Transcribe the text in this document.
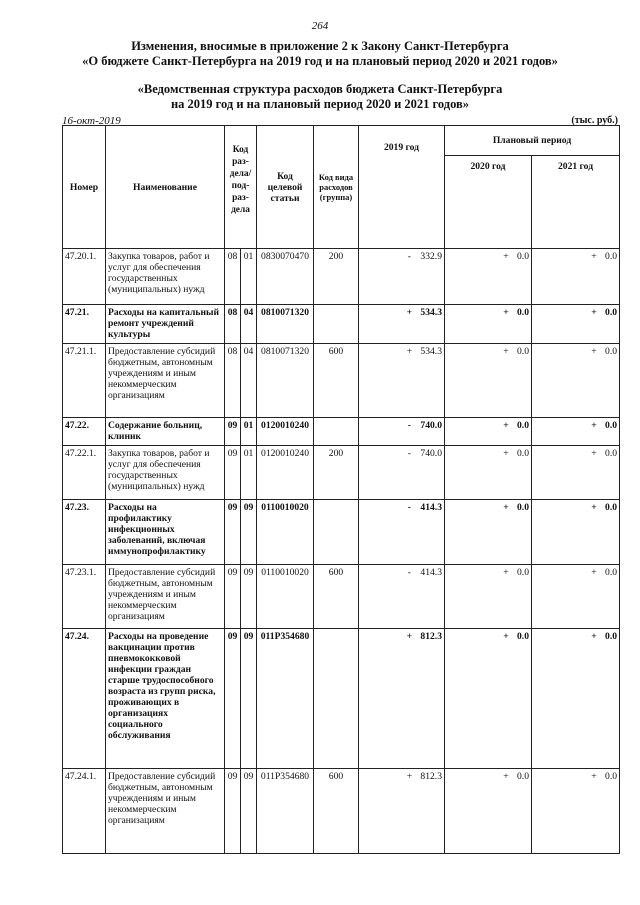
264
Изменения, вносимые в приложение 2 к Закону Санкт-Петербурга
«О бюджете Санкт-Петербурга на 2019 год и на плановый период 2020 и 2021 годов»
«Ведомственная структура расходов бюджета Санкт-Петербурга
на 2019 год и на плановый период 2020 и 2021 годов»
16-окт-2019	(тыс. руб.)
Номер	Наименование	Код раз- дела/ под- раз- дела		Код целевой статьи	Код вида расходов (группа)	2019 год	Плановый период	
							2020 год	2021 год
47.20.1.	Закупка товаров, работ и услуг для обеспечения государственных (муниципальных) нужд	08	01	0830070470	200	- 332.9	+ 0.0	+ 0.0
47.21.	Расходы на капитальный ремонт учреждений культуры	08	04	0810071320		+ 534.3	+ 0.0	+ 0.0
47.21.1.	Предоставление субсидий бюджетным, автономным учреждениям и иным некоммерческим организациям	08	04	0810071320	600	+ 534.3	+ 0.0	+ 0.0
47.22.	Содержание больниц, клиник	09	01	0120010240		- 740.0	+ 0.0	+ 0.0
47.22.1.	Закупка товаров, работ и услуг для обеспечения государственных (муниципальных) нужд	09	01	0120010240	200	- 740.0	+ 0.0	+ 0.0
47.23.	Расходы на профилактику инфекционных заболеваний, включая иммунопрофилактику	09	09	0110010020		- 414.3	+ 0.0	+ 0.0
47.23.1.	Предоставление субсидий бюджетным, автономным учреждениям и иным некоммерческим организациям	09	09	0110010020	600	- 414.3	+ 0.0	+ 0.0
47.24.	Расходы на проведение вакцинации против пневмококковой инфекции граждан старше трудоспособного возраста из групп риска, проживающих в организациях социального обслуживания	09	09	011P354680		+ 812.3	+ 0.0	+ 0.0
47.24.1.	Предоставление субсидий бюджетным, автономным учреждениям и иным некоммерческим организациям	09	09	011P354680	600	+ 812.3	+ 0.0	+ 0.0
